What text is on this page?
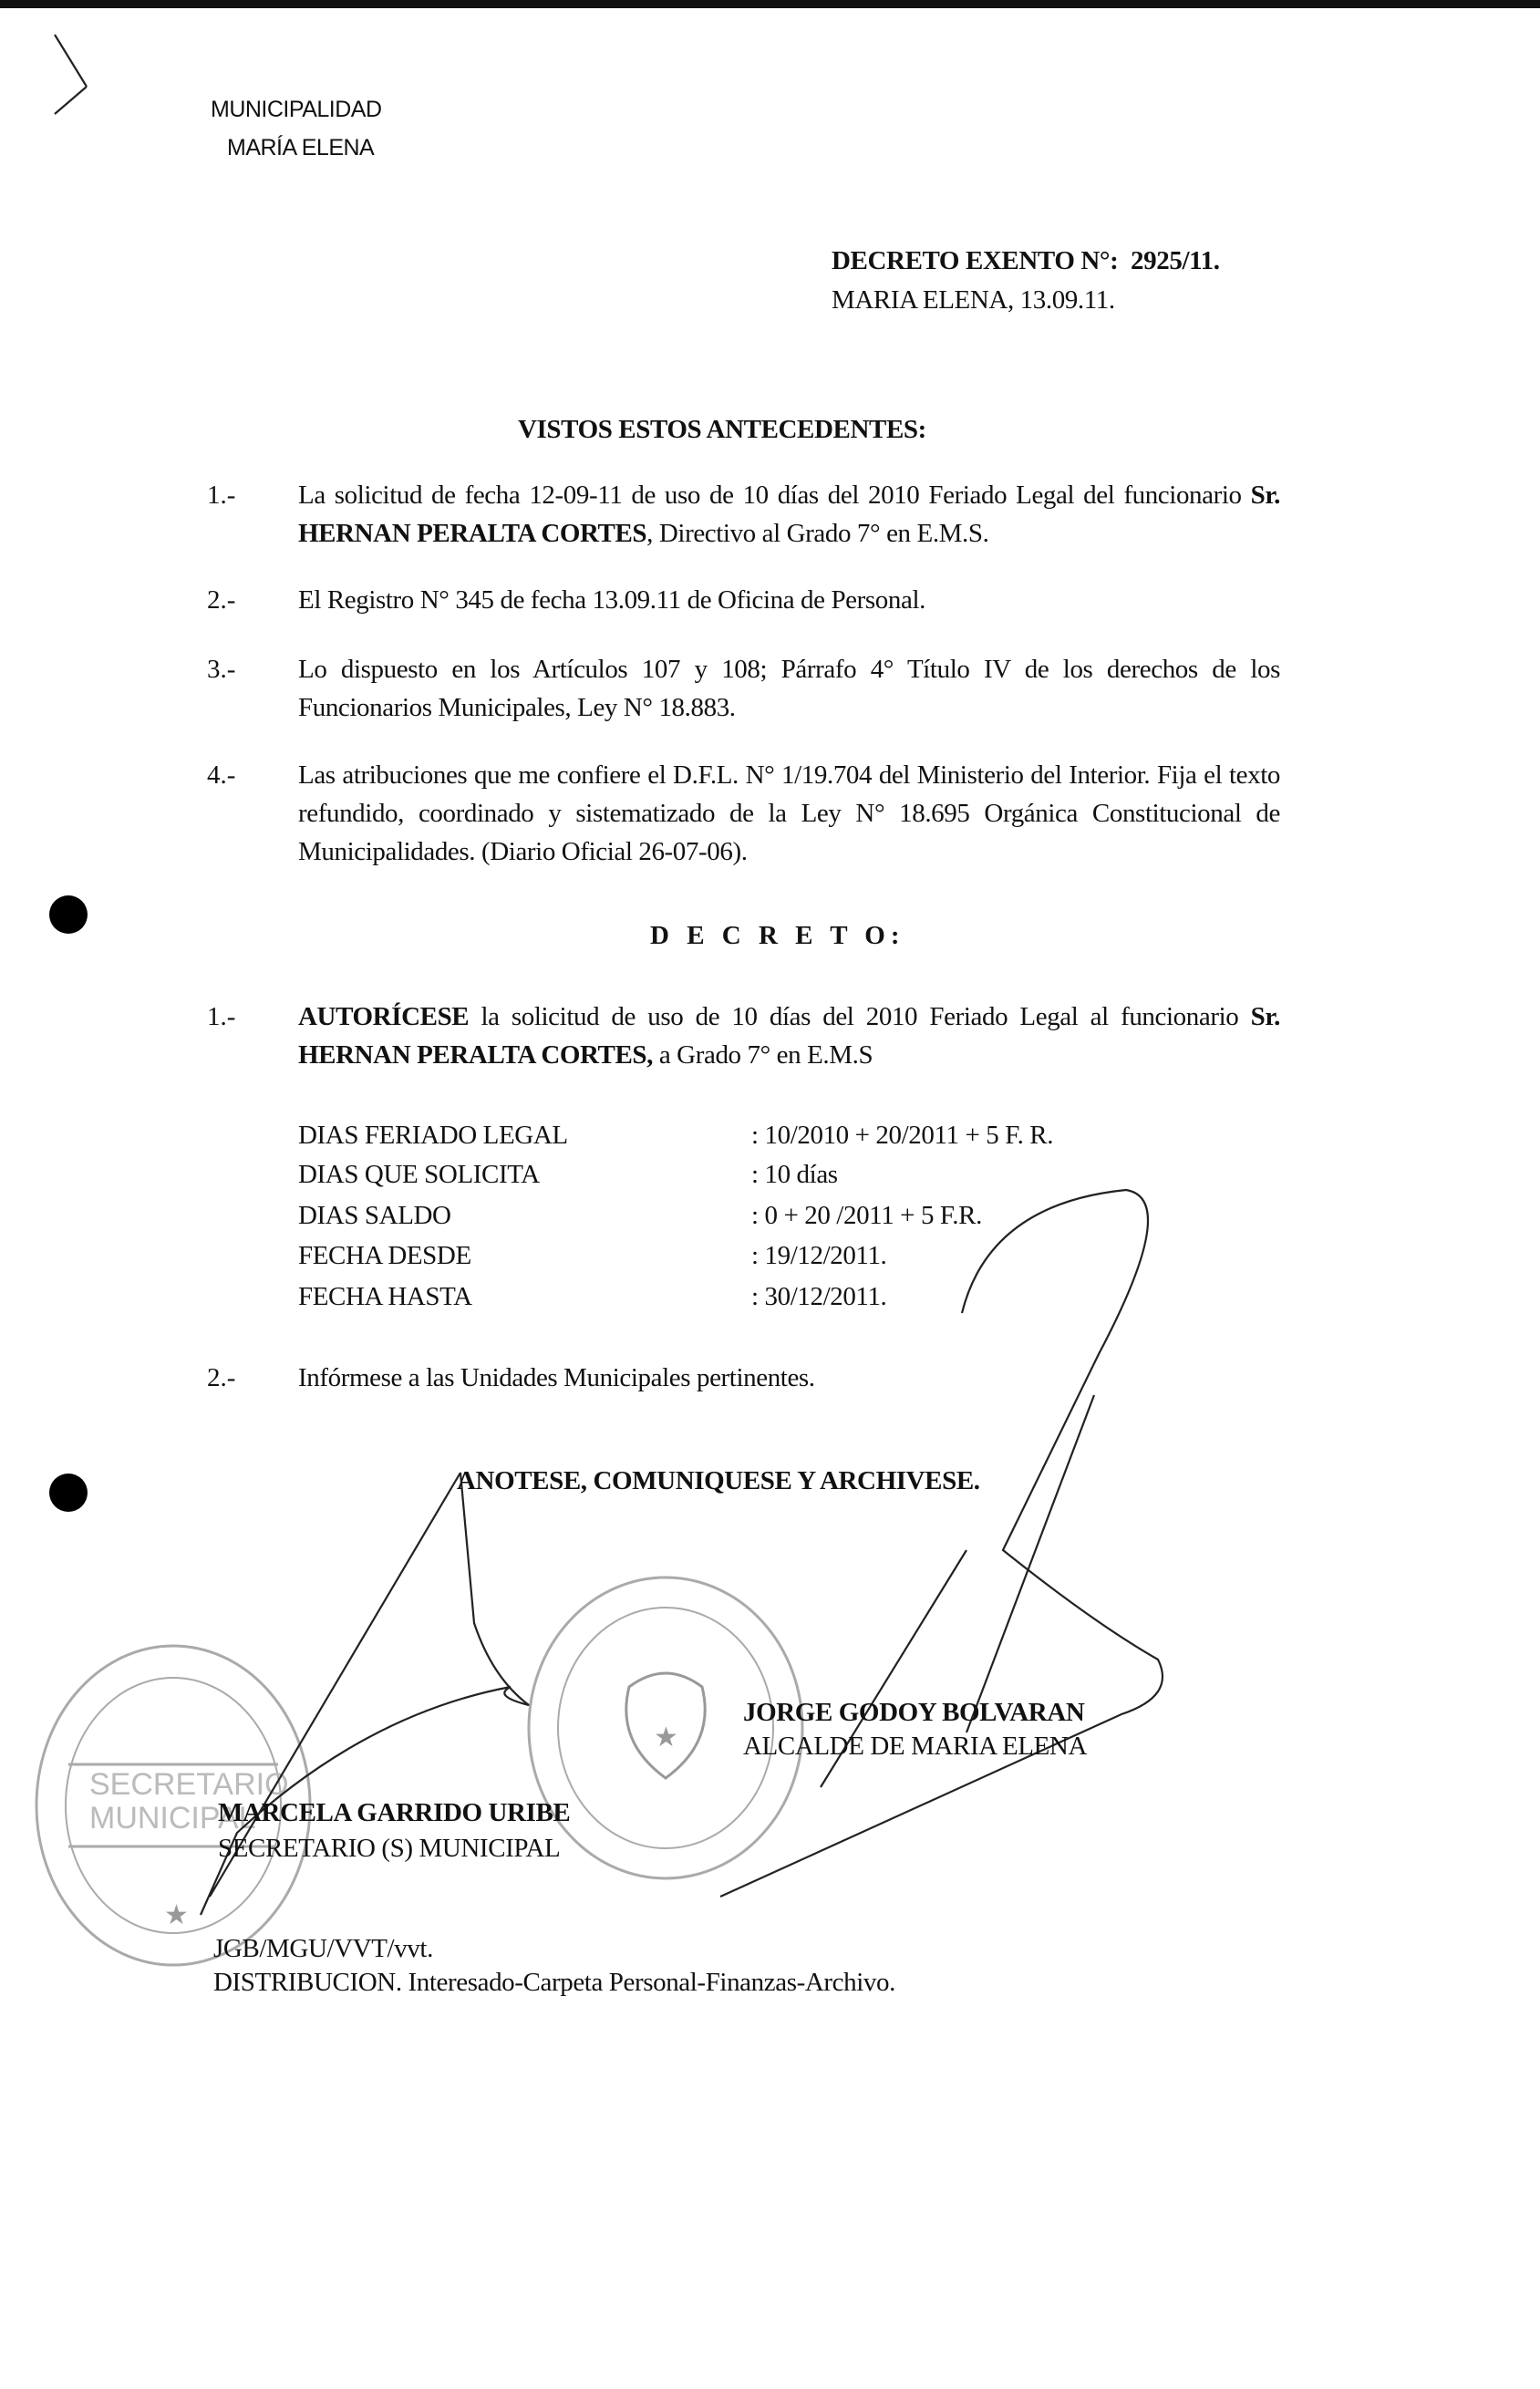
SECRETARIO
MUNICIPAL
★
★
MUNICIPALIDAD
MARÍA ELENA
DECRETO EXENTO N°: 2925/11.
MARIA ELENA, 13.09.11.
VISTOS ESTOS ANTECEDENTES:
1.- La solicitud de fecha 12-09-11 de uso de 10 días del 2010 Feriado Legal del funcionario Sr. HERNAN PERALTA CORTES, Directivo al Grado 7° en E.M.S.
2.- El Registro N° 345 de fecha 13.09.11 de Oficina de Personal.
3.- Lo dispuesto en los Artículos 107 y 108; Párrafo 4° Título IV de los derechos de los Funcionarios Municipales, Ley N° 18.883.
4.- Las atribuciones que me confiere el D.F.L. N° 1/19.704 del Ministerio del Interior. Fija el texto refundido, coordinado y sistematizado de la Ley N° 18.695 Orgánica Constitucional de Municipalidades. (Diario Oficial 26-07-06).
D E C R E T O:
1.- AUTORÍCESE la solicitud de uso de 10 días del 2010 Feriado Legal al funcionario Sr. HERNAN PERALTA CORTES, a Grado 7° en E.M.S
DIAS FERIADO LEGAL	: 10/2010 + 20/2011 + 5 F. R.
DIAS QUE SOLICITA	: 10 días
DIAS SALDO	: 0 + 20 /2011 + 5 F.R.
FECHA DESDE	: 19/12/2011.
FECHA HASTA	: 30/12/2011.
2.- Infórmese a las Unidades Municipales pertinentes.
ANOTESE, COMUNIQUESE Y ARCHIVESE.
JORGE GODOY BOLVARAN
ALCALDE DE MARIA ELENA
MARCELA GARRIDO URIBE
SECRETARIO (S) MUNICIPAL
JGB/MGU/VVT/vvt.
DISTRIBUCION. Interesado-Carpeta Personal-Finanzas-Archivo.
